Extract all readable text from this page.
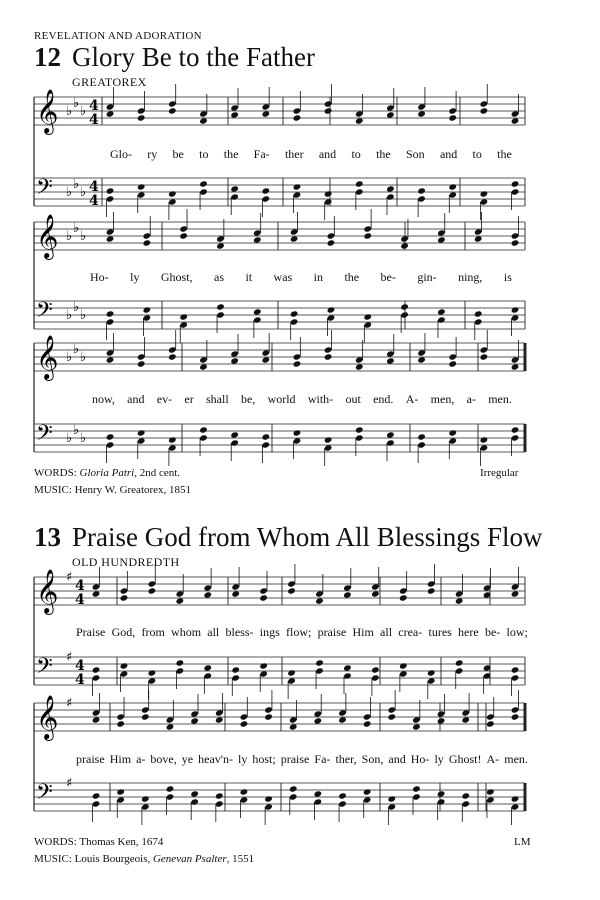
REVELATION AND ADORATION
12 Glory Be to the Father
GREATOREX
Glo- ry be to the Fa- ther and to the Son and to the
Ho- ly Ghost, as it was in the be- gin- ning, is
now, and ev- er shall be, world with- out end. A- men, a- men.
WORDS: Gloria Patri, 2nd cent.
MUSIC: Henry W. Greatorex, 1851
Irregular
13 Praise God from Whom All Blessings Flow
OLD HUNDREDTH
Praise God, from whom all bless- ings flow; praise Him all crea- tures here be- low;
praise Him a- bove, ye heav'n- ly host; praise Fa- ther, Son, and Ho- ly Ghost! A- men.
WORDS: Thomas Ken, 1674
MUSIC: Louis Bourgeois, Genevan Psalter, 1551
LM
𝄞 ♭
♭
♭ 4
4
𝄢 ♭
♭
♭ 4
4
𝄞 ♭
♭
♭
𝄢 ♭
♭
♭
𝄞 ♭
♭
♭
𝄢 ♭
♭
♭
𝄞 ♯
4
4
𝄢 ♯
4
4
𝄞 ♯
𝄢 ♯
